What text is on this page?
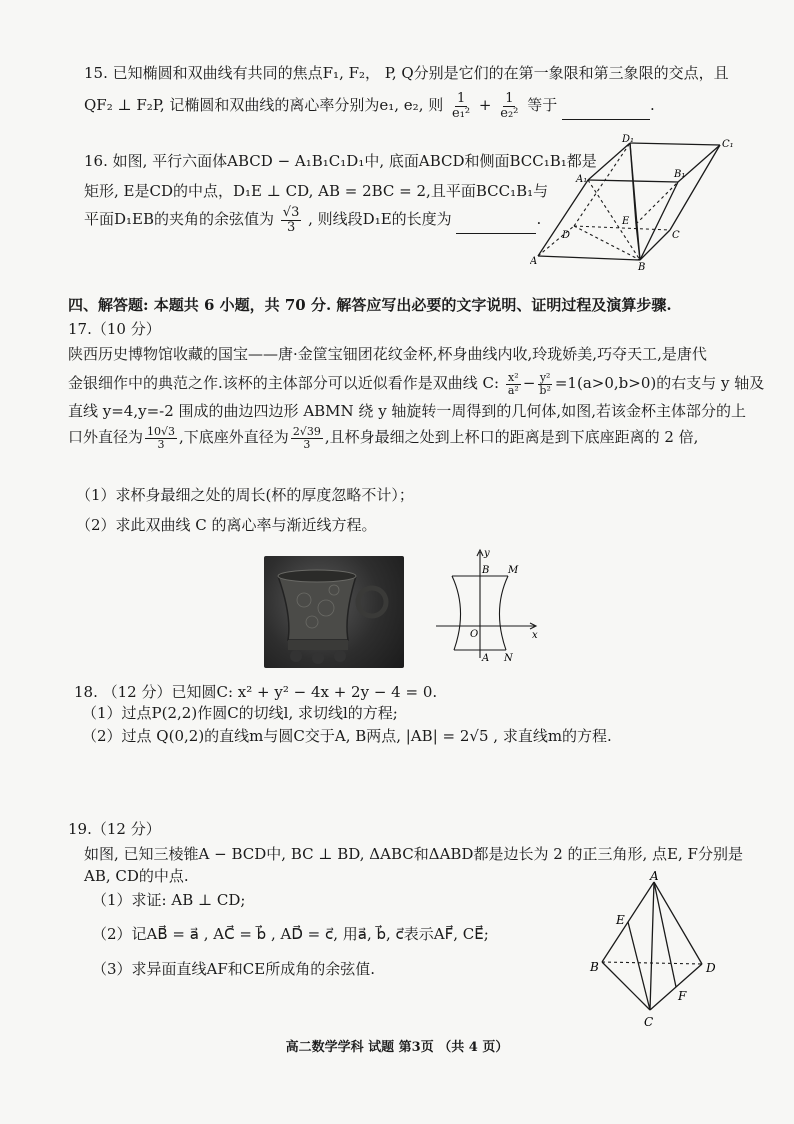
15. 已知椭圆和双曲线有共同的焦点F₁, F₂， P, Q分别是它们的在第一象限和第三象限的交点，且
QF₂ ⊥ F₂P, 记椭圆和双曲线的离心率分别为e₁, e₂, 则 $\frac{1}{\text{e₁²}} + \frac{1}{\text{e₂²}}$ 等于	.
16. 如图, 平行六面体ABCD − A₁B₁C₁D₁中, 底面ABCD和侧面BCC₁B₁都是
矩形, E是CD的中点，D₁E ⊥ CD, AB = 2BC = 2,且平面BCC₁B₁与
平面D₁EB的夹角的余弦值为 $\frac{√3}{3}$ , 则线段D₁E的长度为	.
D₁	C₁
A₁	B₁
E
D	C
A
B
四、解答题: 本题共 6 小题，共 70 分. 解答应写出必要的文字说明、证明过程及演算步骤.
17.（10 分）
陕西历史博物馆收藏的国宝——唐·金筐宝钿团花纹金杯,杯身曲线内收,玲珑娇美,巧夺天工,是唐代
金银细作中的典范之作.该杯的主体部分可以近似看作是双曲线 C: $\frac{\text{x²}}{\text{a²}} - \frac{\text{y²}}{\text{b²}} =1(a>0,b>0)$的右支与 y 轴及
直线 y=4,y=-2 围成的曲边四边形 ABMN 绕 y 轴旋转一周得到的几何体,如图,若该金杯主体部分的上
口外直径为 $\frac{10√3}{3}$ ,下底座外直径为 $\frac{2√39}{3}$ ,且杯身最细之处到上杯口的距离是到下底座距离的 2 倍,
（1）求杯身最细之处的周长(杯的厚度忽略不计）；
（2）求此双曲线 C 的离心率与渐近线方程。
y
x
B M
O
A N
18. （12 分）已知圆C: x² + y² − 4x + 2y − 4 = 0.
（1）过点P(2,2)作圆C的切线l, 求切线l的方程;
（2）过点 Q(0,2)的直线m与圆C交于A, B两点, |AB| = 2√5 , 求直线m的方程.
19.（12 分）
如图, 已知三棱锥A − BCD中, BC ⊥ BD, ΔABC和ΔABD都是边长为 2 的正三角形, 点E, F分别是
AB, CD的中点.
（1）求证: AB ⊥ CD;
（2）记AB⃗ = a⃗ , AC⃗ = b⃗ , AD⃗ = c⃗, 用a⃗, b⃗, c⃗表示AF⃗, CE⃗;
（3）求异面直线AF和CE所成角的余弦值.
A
E
B	D
F
C
高二数学学科 试题 第3页 （共 4 页）
